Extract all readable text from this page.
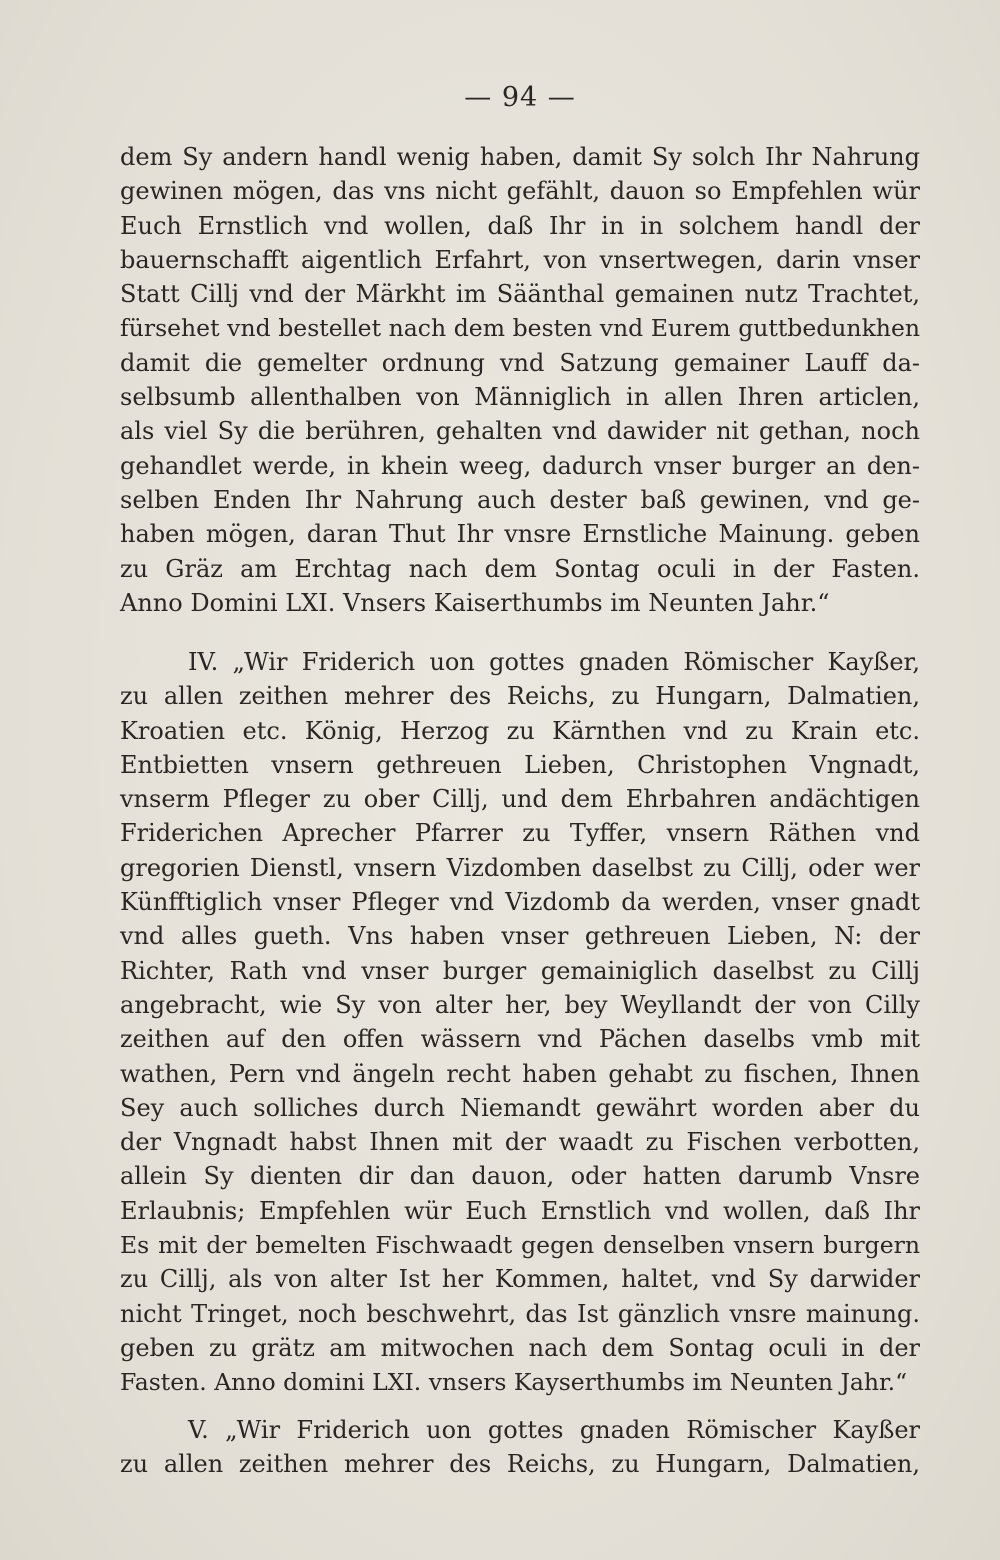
— 94 —
dem Sy andern handl wenig haben, damit Sy solch Ihr Nahrung
gewinen mögen, das vns nicht gefählt, dauon so Empfehlen wür
Euch Ernstlich vnd wollen, daß Ihr in in solchem handl der
bauernschafft aigentlich Erfahrt, von vnsertwegen, darin vnser
Statt Cillj vnd der Märkht im Säänthal gemainen nutz Trachtet,
fürsehet vnd bestellet nach dem besten vnd Eurem guttbedunkhen
damit die gemelter ordnung vnd Satzung gemainer Lauff da-
selbsumb allenthalben von Männiglich in allen Ihren articlen,
als viel Sy die berühren, gehalten vnd dawider nit gethan, noch
gehandlet werde, in khein weeg, dadurch vnser burger an den-
selben Enden Ihr Nahrung auch dester baß gewinen, vnd ge-
haben mögen, daran Thut Ihr vnsre Ernstliche Mainung. geben
zu Gräz am Erchtag nach dem Sontag oculi in der Fasten.
Anno Domini LXI. Vnsers Kaiserthumbs im Neunten Jahr.“
IV. „Wir Friderich uon gottes gnaden Römischer Kayßer,
zu allen zeithen mehrer des Reichs, zu Hungarn, Dalmatien,
Kroatien etc. König, Herzog zu Kärnthen vnd zu Krain etc.
Entbietten vnsern gethreuen Lieben, Christophen Vngnadt,
vnserm Pfleger zu ober Cillj, und dem Ehrbahren andächtigen
Friderichen Aprecher Pfarrer zu Tyffer, vnsern Räthen vnd
gregorien Dienstl, vnsern Vizdomben daselbst zu Cillj, oder wer
Künfftiglich vnser Pfleger vnd Vizdomb da werden, vnser gnadt
vnd alles gueth. Vns haben vnser gethreuen Lieben, N: der
Richter, Rath vnd vnser burger gemainiglich daselbst zu Cillj
angebracht, wie Sy von alter her, bey Weyllandt der von Cilly
zeithen auf den offen wässern vnd Pächen daselbs vmb mit
wathen, Pern vnd ängeln recht haben gehabt zu fischen, Ihnen
Sey auch solliches durch Niemandt gewährt worden aber du
der Vngnadt habst Ihnen mit der waadt zu Fischen verbotten,
allein Sy dienten dir dan dauon, oder hatten darumb Vnsre
Erlaubnis; Empfehlen wür Euch Ernstlich vnd wollen, daß Ihr
Es mit der bemelten Fischwaadt gegen denselben vnsern burgern
zu Cillj, als von alter Ist her Kommen, haltet, vnd Sy darwider
nicht Tringet, noch beschwehrt, das Ist gänzlich vnsre mainung.
geben zu grätz am mitwochen nach dem Sontag oculi in der
Fasten. Anno domini LXI. vnsers Kayserthumbs im Neunten Jahr.“
V. „Wir Friderich uon gottes gnaden Römischer Kayßer
zu allen zeithen mehrer des Reichs, zu Hungarn, Dalmatien,
